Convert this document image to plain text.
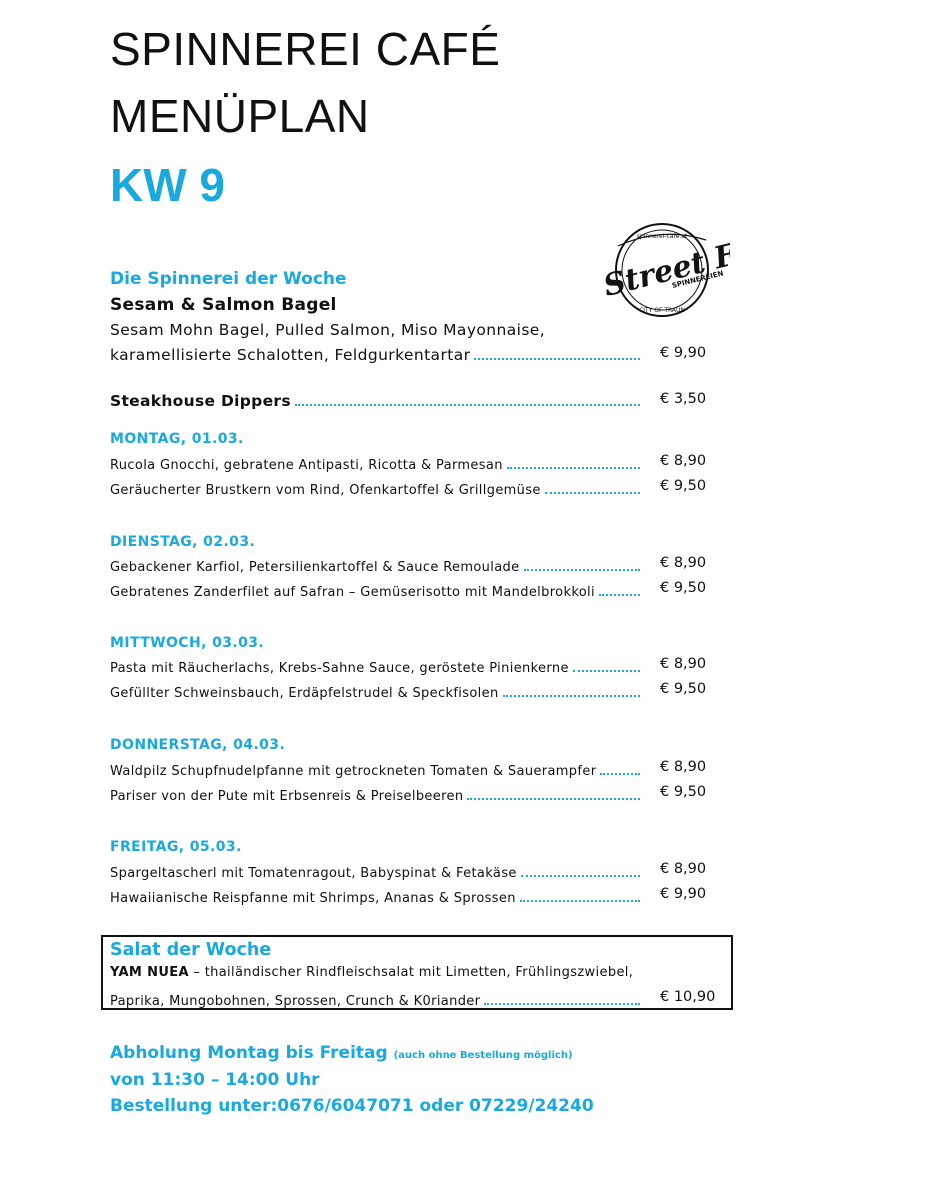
SPINNEREI CAFÉ
MENÜPLAN
KW 9
spinnerei-cafe.at
Street Food
SPINNEREIEN
CITY OF TRAUN
Die Spinnerei der Woche
Sesam & Salmon Bagel
Sesam Mohn Bagel, Pulled Salmon, Miso Mayonnaise,
karamellisierte Schalotten, Feldgurkentartar	€ 9,90
Steakhouse Dippers	€ 3,50
MONTAG, 01.03.
Rucola Gnocchi, gebratene Antipasti, Ricotta & Parmesan	€ 8,90
Geräucherter Brustkern vom Rind, Ofenkartoffel & Grillgemüse	€ 9,50
DIENSTAG, 02.03.
Gebackener Karfiol, Petersilienkartoffel & Sauce Remoulade	€ 8,90
Gebratenes Zanderfilet auf Safran – Gemüserisotto mit Mandelbrokkoli	€ 9,50
MITTWOCH, 03.03.
Pasta mit Räucherlachs, Krebs-Sahne Sauce, geröstete Pinienkerne	€ 8,90
Gefüllter Schweinsbauch, Erdäpfelstrudel & Speckfisolen	€ 9,50
DONNERSTAG, 04.03.
Waldpilz Schupfnudelpfanne mit getrockneten Tomaten & Sauerampfer	€ 8,90
Pariser von der Pute mit Erbsenreis & Preiselbeeren	€ 9,50
FREITAG, 05.03.
Spargeltascherl mit Tomatenragout, Babyspinat & Fetakäse	€ 8,90
Hawaiianische Reispfanne mit Shrimps, Ananas & Sprossen	€ 9,90
Salat der Woche
YAM NUEA – thailändischer Rindfleischsalat mit Limetten, Frühlingszwiebel,
Paprika, Mungobohnen, Sprossen, Crunch & K0riander	€ 10,90
Abholung Montag bis Freitag (auch ohne Bestellung möglich)
von 11:30 – 14:00 Uhr
Bestellung unter:0676/6047071 oder 07229/24240
